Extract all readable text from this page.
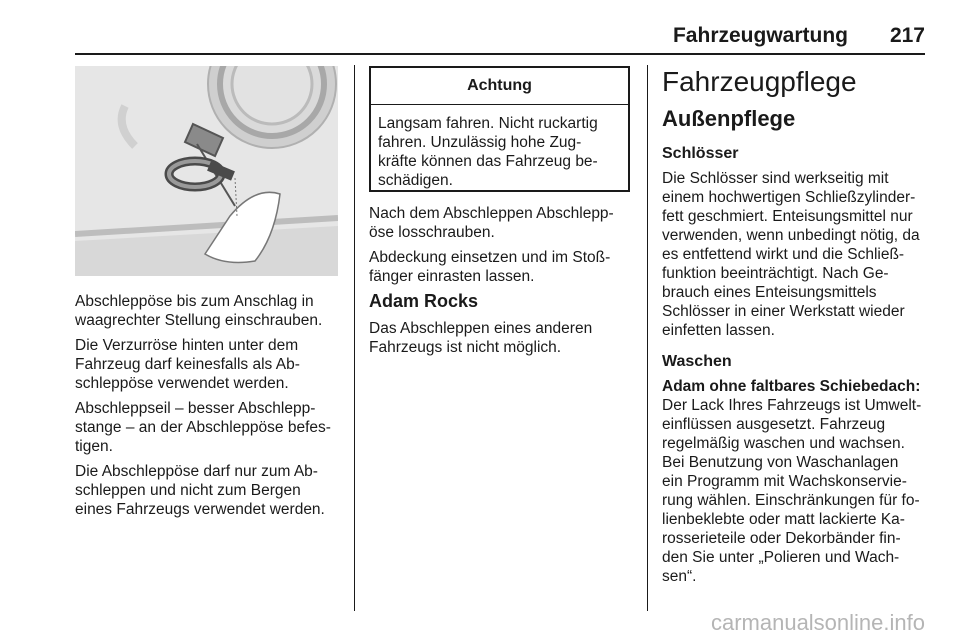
Fahrzeugwartung 217

Abschleppöse bis zum Anschlag in
waagrechter Stellung einschrauben.

Die Verzurröse hinten unter dem
Fahrzeug darf keinesfalls als Ab-
schleppöse verwendet werden.

Abschleppseil – besser Abschlepp-
stange – an der Abschleppöse befes-
tigen.

Die Abschleppöse darf nur zum Ab-
schleppen und nicht zum Bergen
eines Fahrzeugs verwendet werden.

Achtung
Langsam fahren. Nicht ruckartig
fahren. Unzulässig hohe Zug-
kräfte können das Fahrzeug be-
schädigen.

Nach dem Abschleppen Abschlepp-
öse losschrauben.

Abdeckung einsetzen und im Stoß-
fänger einrasten lassen.

Adam Rocks

Das Abschleppen eines anderen
Fahrzeugs ist nicht möglich.

Fahrzeugpflege
Außenpflege
Schlösser

Die Schlösser sind werkseitig mit
einem hochwertigen Schließzylinder-
fett geschmiert. Enteisungsmittel nur
verwenden, wenn unbedingt nötig, da
es entfettend wirkt und die Schließ-
funktion beeinträchtigt. Nach Ge-
brauch eines Enteisungsmittels
Schlösser in einer Werkstatt wieder
einfetten lassen.

Waschen
Adam ohne faltbares Schiebedach:

Der Lack Ihres Fahrzeugs ist Umwelt-
einflüssen ausgesetzt. Fahrzeug
regelmäßig waschen und wachsen.
Bei Benutzung von Waschanlagen
ein Programm mit Wachskonservie-
rung wählen. Einschränkungen für fo-
lienbeklebte oder matt lackierte Ka-
rosserieteile oder Dekorbänder fin-
den Sie unter „Polieren und Wach-
sen“.

carmanualsonline.info
